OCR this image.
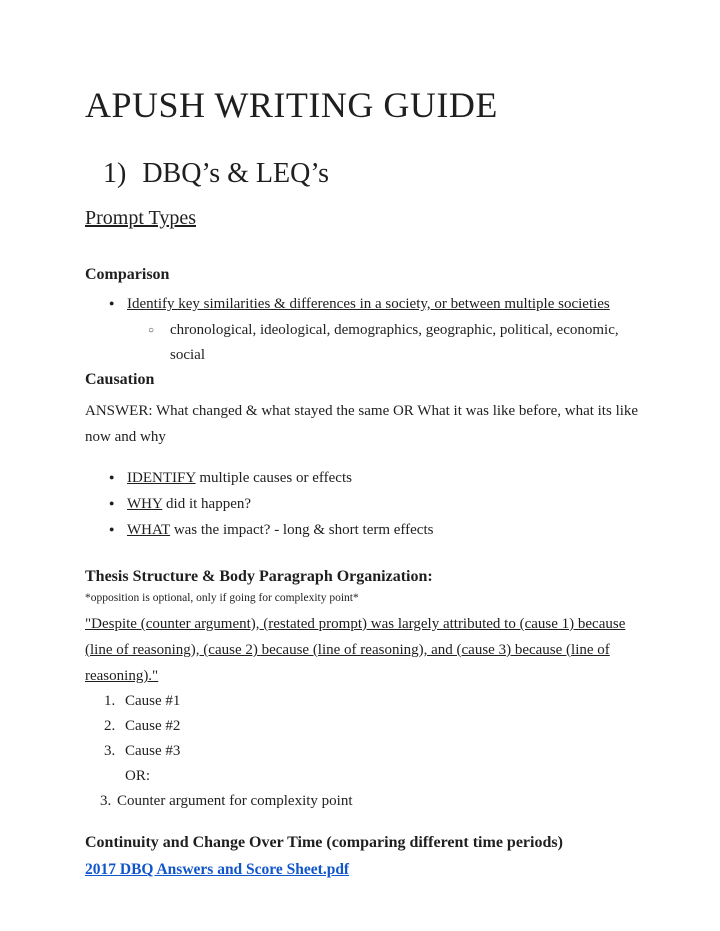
APUSH WRITING GUIDE
1) DBQ’s & LEQ’s
Prompt Types
Comparison
●
Identify key similarities & differences in a society, or between multiple societies
○
chronological, ideological, demographics, geographic, political, economic, social
Causation
ANSWER: What changed & what stayed the same OR What it was like before, what its like now and why
●
IDENTIFY multiple causes or effects
●
WHY did it happen?
●
WHAT was the impact? - long & short term effects
Thesis Structure & Body Paragraph Organization:
*opposition is optional, only if going for complexity point*
"Despite (counter argument), (restated prompt) was largely attributed to (cause 1) because (line of reasoning), (cause 2) because (line of reasoning), and (cause 3) because (line of reasoning)."
1. Cause #1
2. Cause #2
3. Cause #3
OR:
3. Counter argument for complexity point
Continuity and Change Over Time (comparing different time periods)
2017 DBQ Answers and Score Sheet.pdf
